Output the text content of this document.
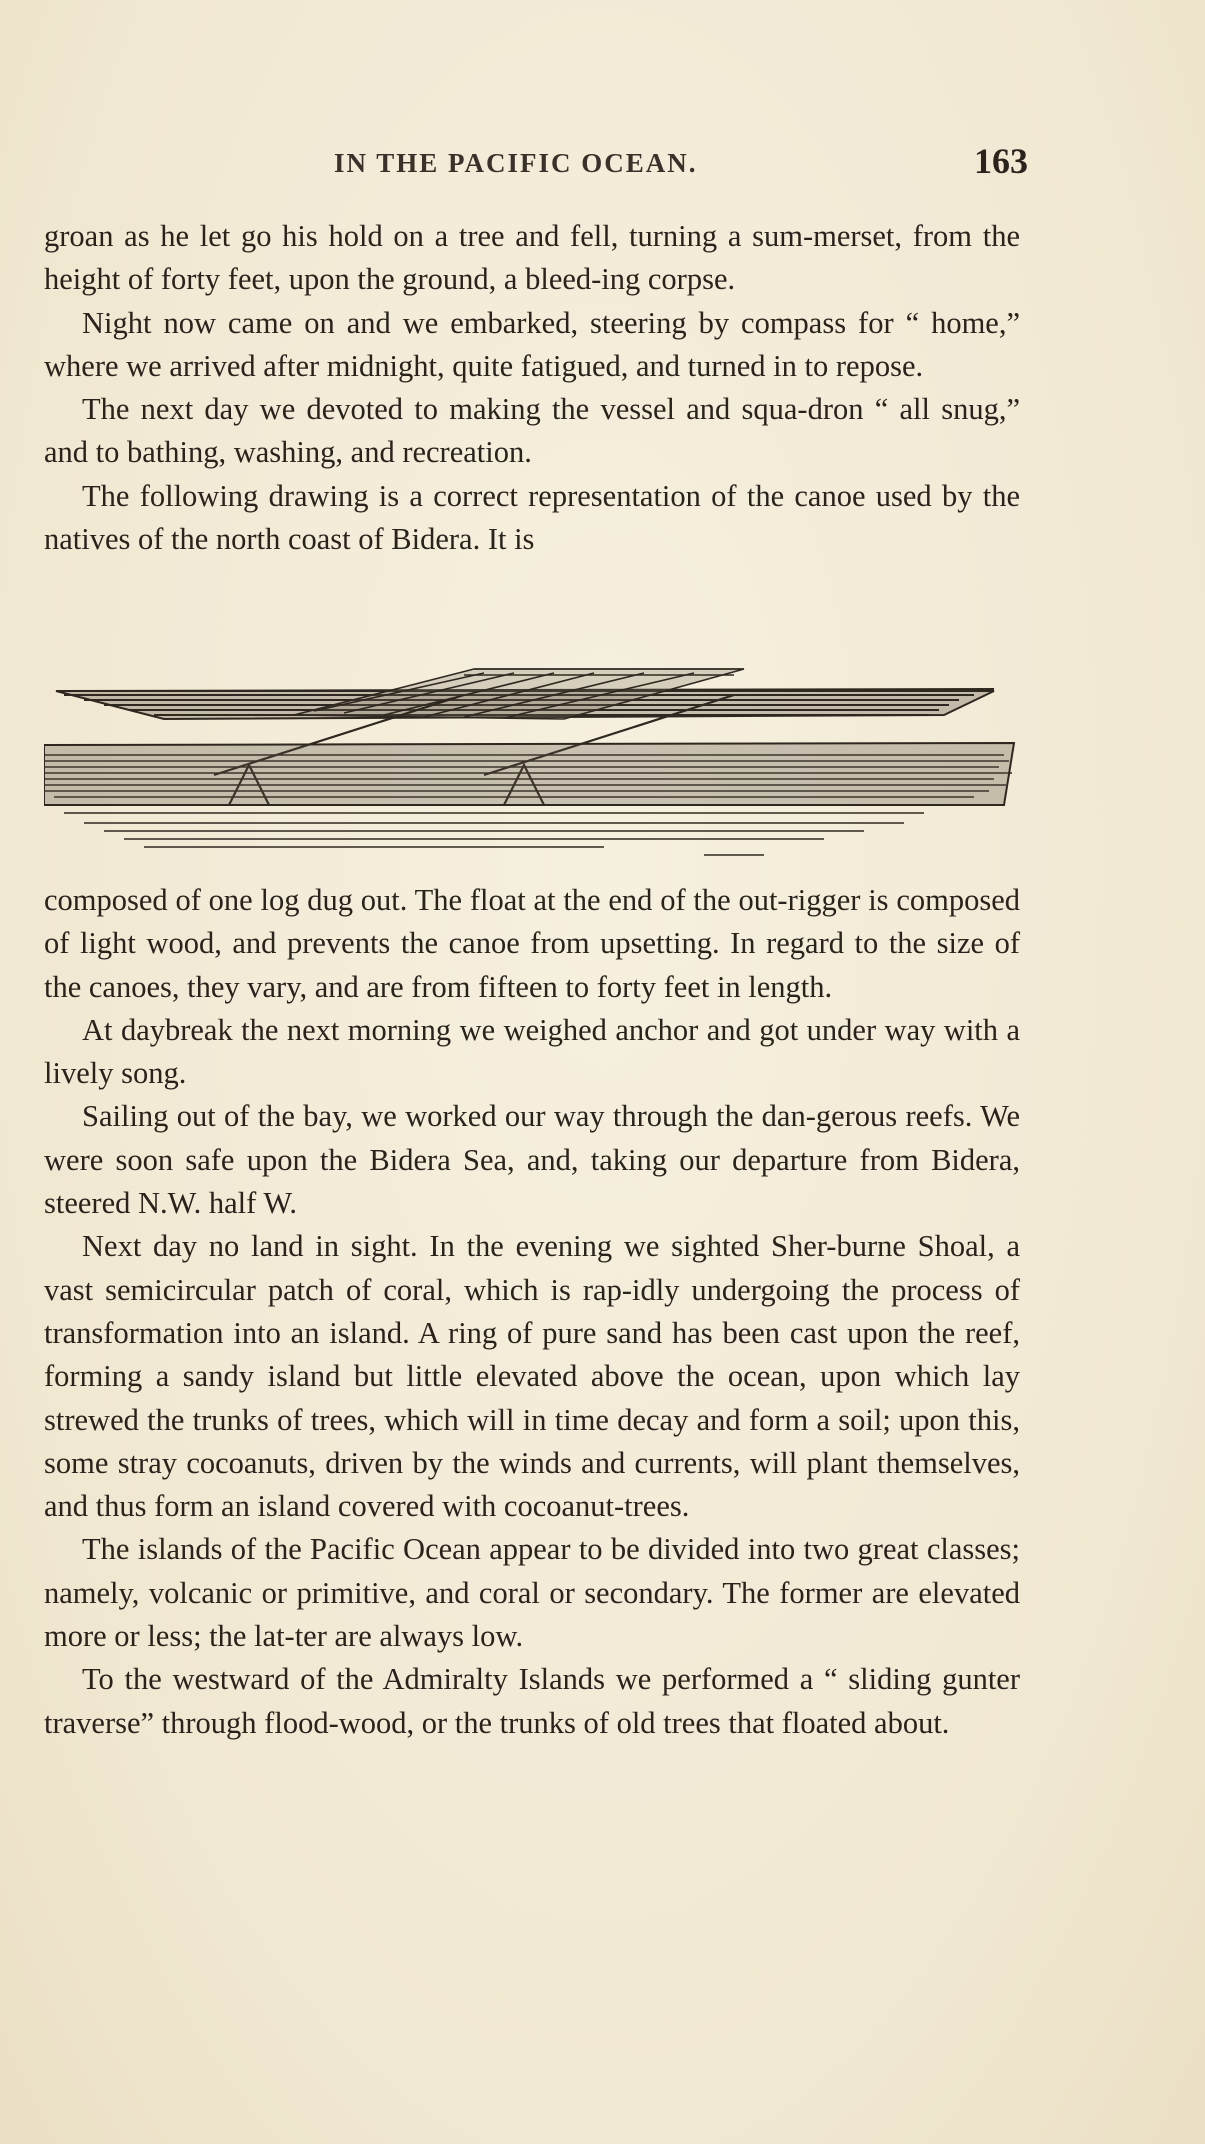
IN THE PACIFIC OCEAN.	163

groan as he let go his hold on a tree and fell, turning a sum-merset, from the height of forty feet, upon the ground, a bleed-ing corpse.

Night now came on and we embarked, steering by compass for “ home,” where we arrived after midnight, quite fatigued, and turned in to repose.

The next day we devoted to making the vessel and squa-dron “ all snug,” and to bathing, washing, and recreation.

The following drawing is a correct representation of the canoe used by the natives of the north coast of Bidera. It is

composed of one log dug out. The float at the end of the out-rigger is composed of light wood, and prevents the canoe from upsetting. In regard to the size of the canoes, they vary, and are from fifteen to forty feet in length.

At daybreak the next morning we weighed anchor and got under way with a lively song.

Sailing out of the bay, we worked our way through the dan-gerous reefs. We were soon safe upon the Bidera Sea, and, taking our departure from Bidera, steered N.W. half W.

Next day no land in sight. In the evening we sighted Sher-burne Shoal, a vast semicircular patch of coral, which is rap-idly undergoing the process of transformation into an island. A ring of pure sand has been cast upon the reef, forming a sandy island but little elevated above the ocean, upon which lay strewed the trunks of trees, which will in time decay and form a soil; upon this, some stray cocoanuts, driven by the winds and currents, will plant themselves, and thus form an island covered with cocoanut-trees.

The islands of the Pacific Ocean appear to be divided into two great classes; namely, volcanic or primitive, and coral or secondary. The former are elevated more or less; the lat-ter are always low.

To the westward of the Admiralty Islands we performed a “ sliding gunter traverse” through flood-wood, or the trunks of old trees that floated about.
